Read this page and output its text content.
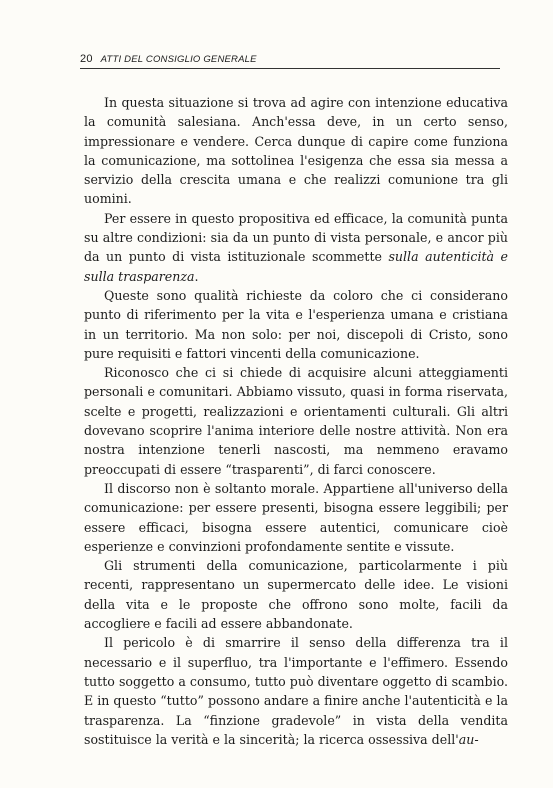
20 ATTI DEL CONSIGLIO GENERALE

In questa situazione si trova ad agire con intenzione educativa la comunità salesiana. Anch'essa deve, in un certo senso, impressionare e vendere. Cerca dunque di capire come funziona la comunicazione, ma sottolinea l'esigenza che essa sia messa a servizio della crescita umana e che realizzi comunione tra gli uomini.

Per essere in questo propositiva ed efficace, la comunità punta su altre condizioni: sia da un punto di vista personale, e ancor più da un punto di vista istituzionale scommette sulla autenticità e sulla trasparenza.

Queste sono qualità richieste da coloro che ci considerano punto di riferimento per la vita e l'esperienza umana e cristiana in un territorio. Ma non solo: per noi, discepoli di Cristo, sono pure requisiti e fattori vincenti della comunicazione.

Riconosco che ci si chiede di acquisire alcuni atteggiamenti personali e comunitari. Abbiamo vissuto, quasi in forma riservata, scelte e progetti, realizzazioni e orientamenti culturali. Gli altri dovevano scoprire l'anima interiore delle nostre attività. Non era nostra intenzione tenerli nascosti, ma nemmeno eravamo preoccupati di essere “trasparenti”, di farci conoscere.

Il discorso non è soltanto morale. Appartiene all'universo della comunicazione: per essere presenti, bisogna essere leggibili; per essere efficaci, bisogna essere autentici, comunicare cioè esperienze e convinzioni profondamente sentite e vissute.

Gli strumenti della comunicazione, particolarmente i più recenti, rappresentano un supermercato delle idee. Le visioni della vita e le proposte che offrono sono molte, facili da accogliere e facili ad essere abbandonate.

Il pericolo è di smarrire il senso della differenza tra il necessario e il superfluo, tra l'importante e l'effimero. Essendo tutto soggetto a consumo, tutto può diventare oggetto di scambio. E in questo “tutto” possono andare a finire anche l'autenticità e la trasparenza. La “finzione gradevole” in vista della vendita sostituisce la verità e la sincerità; la ricerca ossessiva dell'au-
